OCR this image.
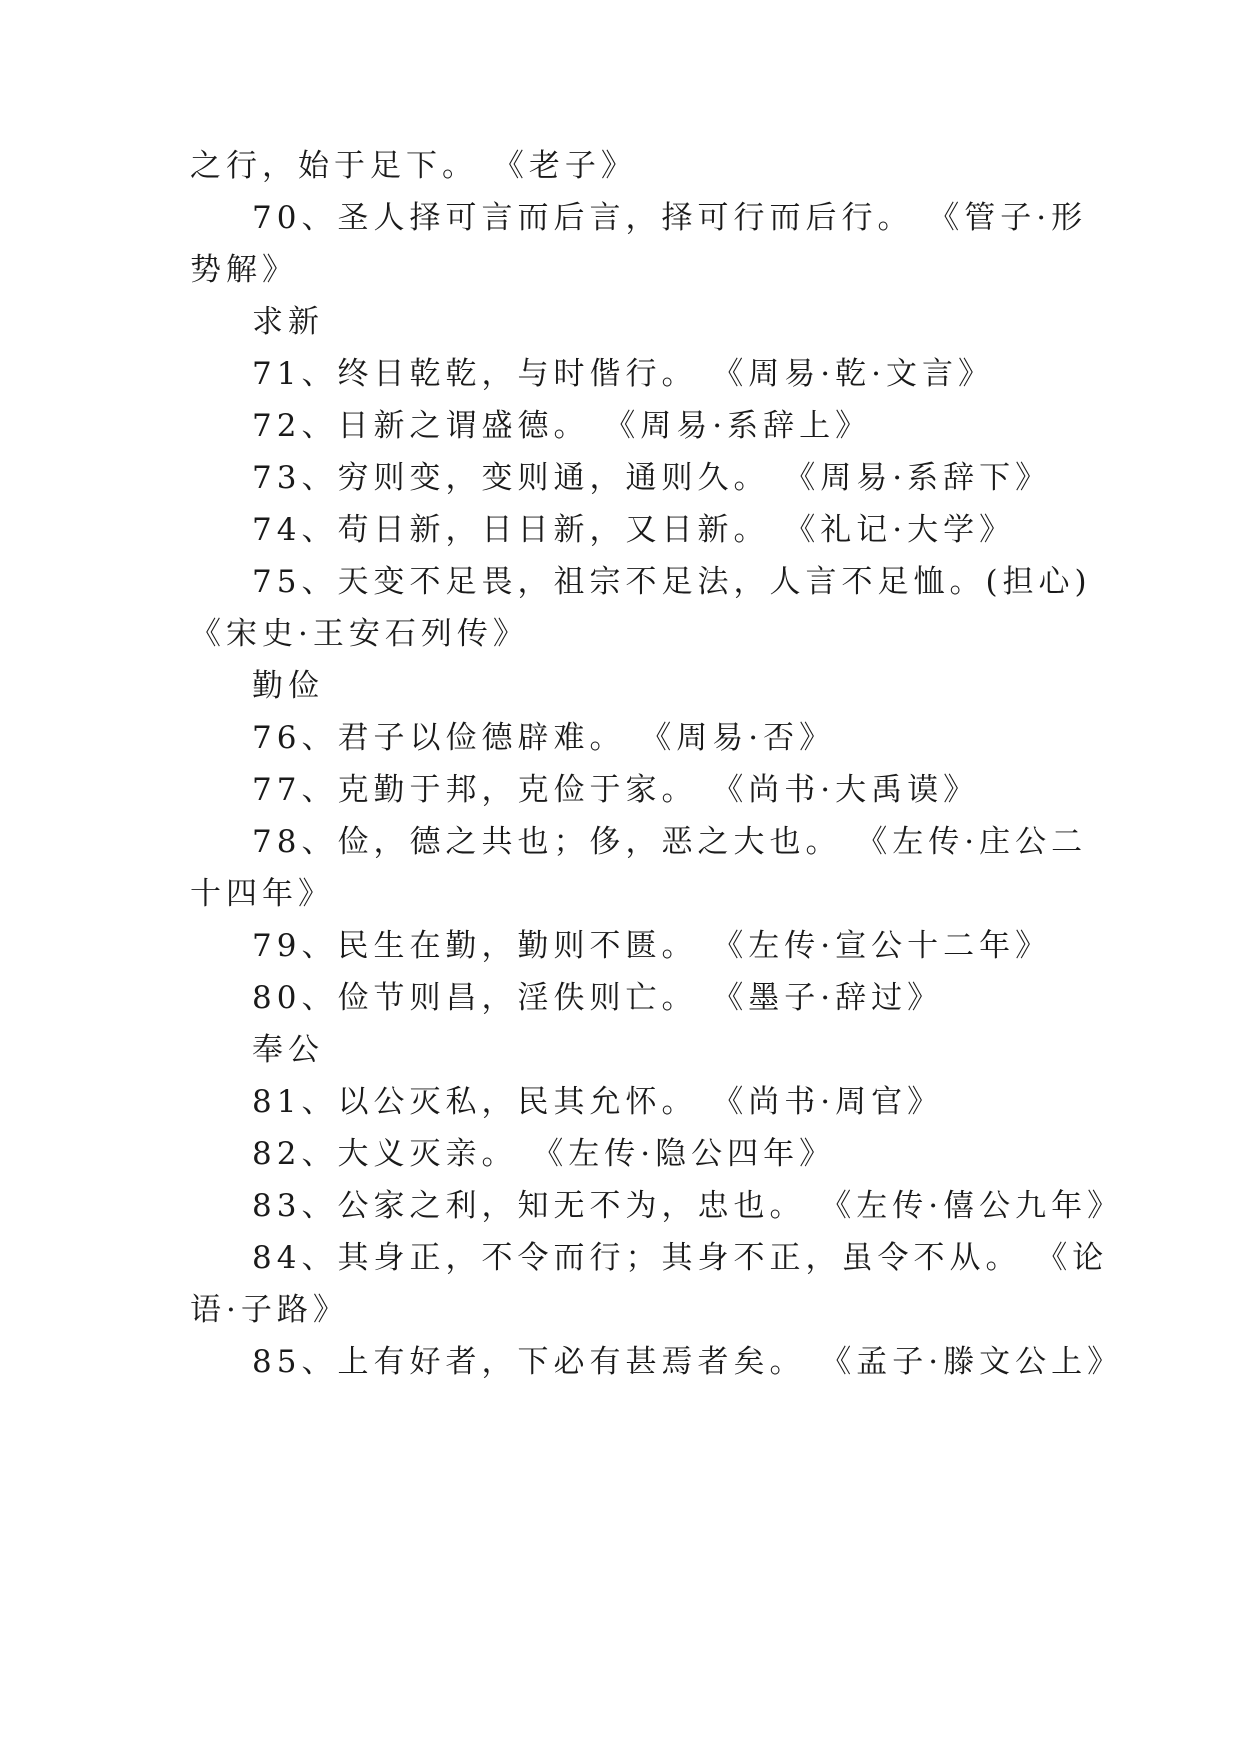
之行，始于足下。 《老子》
70、圣人择可言而后言，择可行而后行。 《管子·形
势解》
求新
71、终日乾乾，与时偕行。 《周易·乾·文言》
72、日新之谓盛德。 《周易·系辞上》
73、穷则变，变则通，通则久。 《周易·系辞下》
74、苟日新，日日新，又日新。 《礼记·大学》
75、天变不足畏，祖宗不足法，人言不足恤。(担心)
《宋史·王安石列传》
勤俭
76、君子以俭德辟难。 《周易·否》
77、克勤于邦，克俭于家。 《尚书·大禹谟》
78、俭，德之共也；侈，恶之大也。 《左传·庄公二
十四年》
79、民生在勤，勤则不匮。 《左传·宣公十二年》
80、俭节则昌，淫佚则亡。 《墨子·辞过》
奉公
81、以公灭私，民其允怀。 《尚书·周官》
82、大义灭亲。 《左传·隐公四年》
83、公家之利，知无不为，忠也。 《左传·僖公九年》
84、其身正，不令而行；其身不正，虽令不从。 《论
语·子路》
85、上有好者，下必有甚焉者矣。 《孟子·滕文公上》
